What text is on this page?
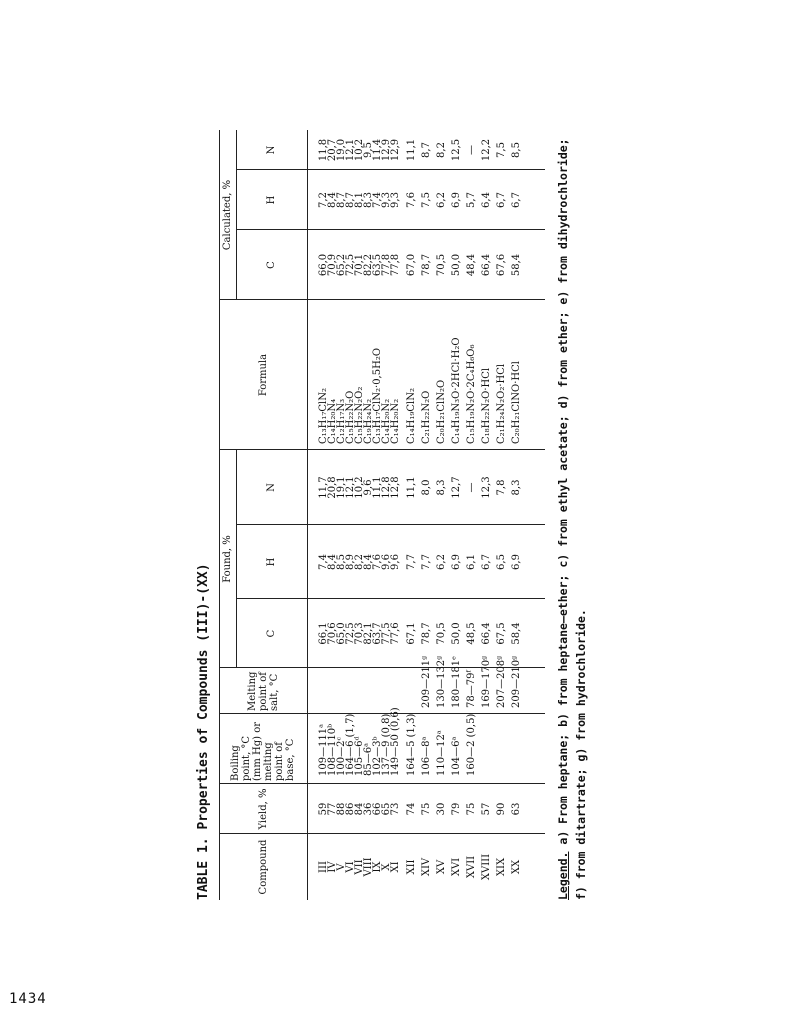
1434
TABLE 1. Properties of Compounds (III)-(XX)	Compound
Yield, %
Boiling point, °C (mm Hg) or melting point of base, °C
Melting point of salt, °C
Found, %
C
H
N
Formula
Calculated, %
C
H
N
III
IV
V
VI
VII
VIII
IX
X
XI
59
77
88
86
84
36
66
65
73
109—111ᵃ
108—110ᵇ
100—2ᶜ
164—6 (1,7)
105—6ᵈ
85—6ᵃ
102—3ᵇ
137—9 (0,8)
149—50 (0,6)
66,1
70,6
65,0
72,5
70,3
82,1
63,7
77,5
77,6
7,4
8,4
8,5
8,9
8,2
8,4
7,6
9,6
9,6
11,7
20,8
19,1
12,1
10,2
9,6
11,1
12,8
12,8
C₁₃H₁₇ClN₂
C₁₄H₂₀N₄
C₁₂H₁₇N₃
C₁₅H₂₂N₂O
C₁₅H₂₂N₂O₂
C₁₉H₂₄N₂
C₁₃H₁₇ClN₂·0,5H₂O
C₁₄H₂₀N₂
C₁₄H₂₀N₂
66,0
70,9
65,2
72,5
70,1
82,2
63,5
77,8
77,8
7,2
8,4
8,7
8,7
8,1
8,3
7,4
9,3
9,3
11,8
20,7
19,0
12,1
10,2
9,5
11,4
12,9
12,9
XII
74
164—5 (1,3)
67,1
7,7
11,1
C₁₄H₁₉ClN₂
67,0
7,6
11,1
XIV
75
106—8ᵃ
209—211ᵍ
78,7
7,7
8,0
C₂₁H₂₂N₂O
78,7
7,5
8,7
XV
30
110—12ᵃ
130—132ᵍ
70,5
6,2
8,3
C₂₀H₂₁ClN₂O
70,5
6,2
8,2
XVI
79
104—6ᵃ
180—181ᵉ
50,0
6,9
12,7
C₁₄H₁₉N₃O·2HCl·H₂O
50,0
6,9
12,5
XVII
75
160—2 (0,5)
78—79ᶠ
48,5
6,1
—
C₁₅H₁₉N₂O·2C₄H₆O₆
48,4
5,7
—
XVIII
57
169—170ᵍ
66,4
6,7
12,3
C₁₈H₂₂N₂O·HCl
66,4
6,4
12,2
XIX
90
207—208ᵍ
67,5
6,5
7,8
C₂₁H₂₄N₂O₂·HCl
67,6
6,7
7,5
XX
63
209—210ᵍ
58,4
6,9
8,3
C₂₀H₂₁ClNO·HCl
58,4
6,7
8,5
Legend. a) From heptane; b) from heptane—ether; c) from ethyl acetate; d) from ether; e) from dihydrochloride; f) from ditartrate; g) from hydrochloride.
